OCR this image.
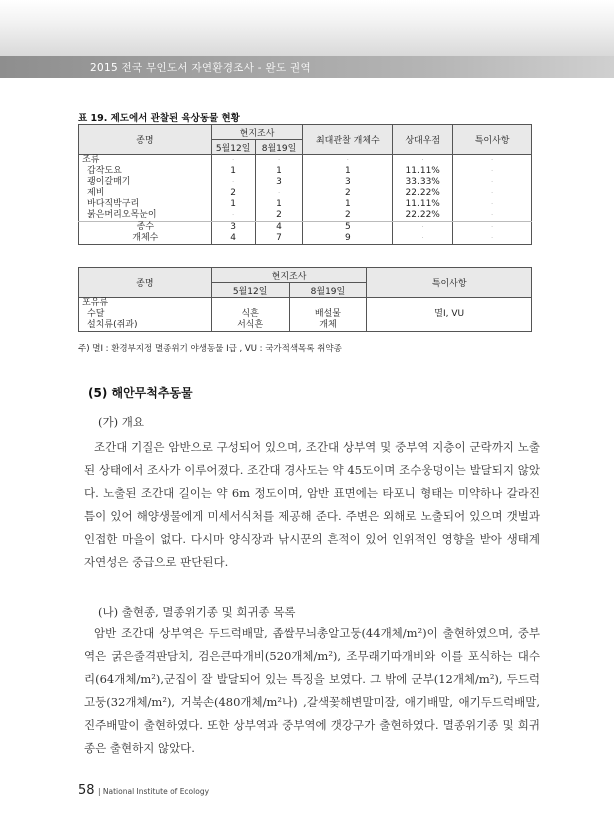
2015 전국 무인도서 자연환경조사 - 완도 권역
표 19. 제도에서 관찰된 육상동물 현황
종명	현지조사		최대관찰 개체수	상대우점	특이사항
	5월12일	8월19일			
조류	·	·	·	·	·
갑작도요	1	1	1	11.11%	·
괭이갈매기	·	3	3	33.33%	·
제비	2	·	2	22.22%	·
바다직박구리	1	1	1	11.11%	·
붉은머리오목눈이	·	2	2	22.22%	·
종수	3	4	5	·	·
개체수	4	7	9	·	·
종명	현지조사		특이사항
	5월12일	8월19일	
포유류			
수달	식흔	배설물	멸Ⅰ, VU
설치류(쥐과)	서식흔	개체	
주) 멸Ⅰ : 환경부지정 멸종위기 야생동물 Ⅰ급 , VU : 국가적색목록 취약종
(5) 해안무척추동물
(가) 개요
조간대 기질은 암반으로 구성되어 있으며, 조간대 상부역 및 중부역 지층이 군락까지 노출된 상태에서 조사가 이루어졌다. 조간대 경사도는 약 45도이며 조수웅덩이는 발달되지 않았다. 노출된 조간대 길이는 약 6m 정도이며, 암반 표면에는 타포니 형태는 미약하나 갈라진 틈이 있어 해양생물에게 미세서식처를 제공해 준다. 주변은 외해로 노출되어 있으며 갯벌과 인접한 마을이 없다. 다시마 양식장과 낚시꾼의 흔적이 있어 인위적인 영향을 받아 생태계 자연성은 중급으로 판단된다.
(나) 출현종, 멸종위기종 및 희귀종 목록
암반 조간대 상부역은 두드럭배말, 좁쌀무늬총알고둥(44개체/m²)이 출현하였으며, 중부역은 굵은줄격판담치, 검은큰따개비(520개체/m²), 조무래기따개비와 이를 포식하는 대수리(64개체/m²),군집이 잘 발달되어 있는 특징을 보였다. 그 밖에 군부(12개체/m²), 두드럭고둥(32개체/m²), 거북손(480개체/m²나) ,갈색꽃해변말미잘, 애기배말, 애기두드럭배말, 진주배말이 출현하였다. 또한 상부역과 중부역에 갯강구가 출현하였다. 멸종위기종 및 희귀종은 출현하지 않았다.
58 | National Institute of Ecology
